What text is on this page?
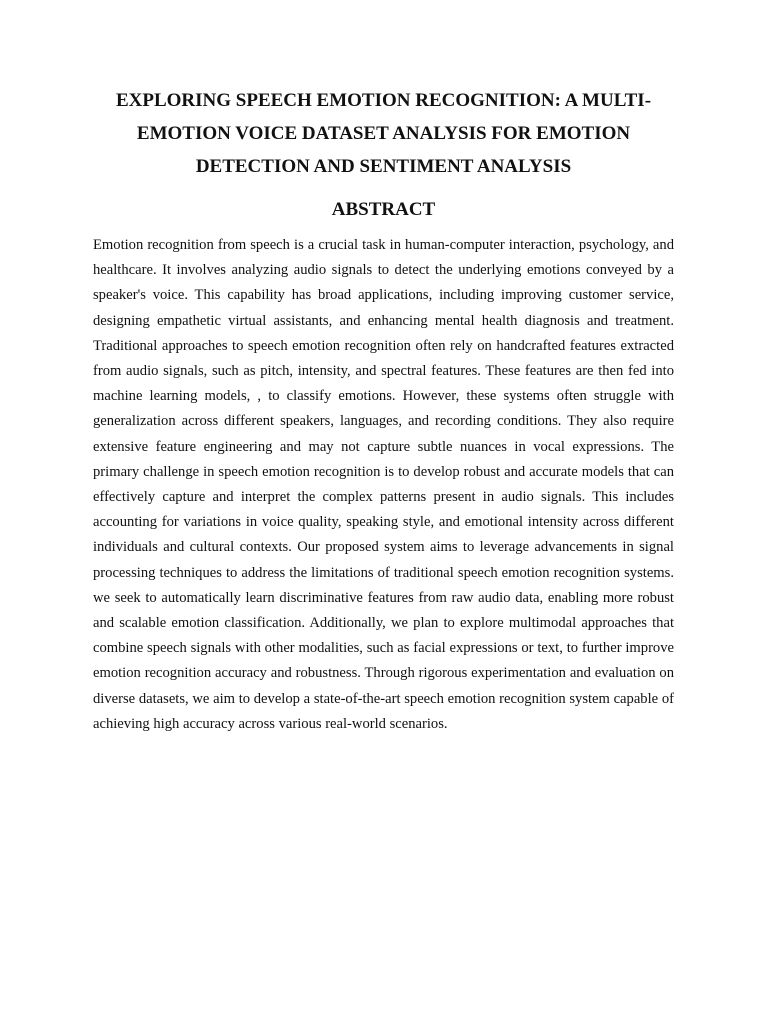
EXPLORING SPEECH EMOTION RECOGNITION: A MULTI-EMOTION VOICE DATASET ANALYSIS FOR EMOTION DETECTION AND SENTIMENT ANALYSIS
ABSTRACT

Emotion recognition from speech is a crucial task in human-computer interaction, psychology, and healthcare. It involves analyzing audio signals to detect the underlying emotions conveyed by a speaker's voice. This capability has broad applications, including improving customer service, designing empathetic virtual assistants, and enhancing mental health diagnosis and treatment. Traditional approaches to speech emotion recognition often rely on handcrafted features extracted from audio signals, such as pitch, intensity, and spectral features. These features are then fed into machine learning models, , to classify emotions. However, these systems often struggle with generalization across different speakers, languages, and recording conditions. They also require extensive feature engineering and may not capture subtle nuances in vocal expressions. The primary challenge in speech emotion recognition is to develop robust and accurate models that can effectively capture and interpret the complex patterns present in audio signals. This includes accounting for variations in voice quality, speaking style, and emotional intensity across different individuals and cultural contexts. Our proposed system aims to leverage advancements in signal processing techniques to address the limitations of traditional speech emotion recognition systems. we seek to automatically learn discriminative features from raw audio data, enabling more robust and scalable emotion classification. Additionally, we plan to explore multimodal approaches that combine speech signals with other modalities, such as facial expressions or text, to further improve emotion recognition accuracy and robustness. Through rigorous experimentation and evaluation on diverse datasets, we aim to develop a state-of-the-art speech emotion recognition system capable of achieving high accuracy across various real-world scenarios.
